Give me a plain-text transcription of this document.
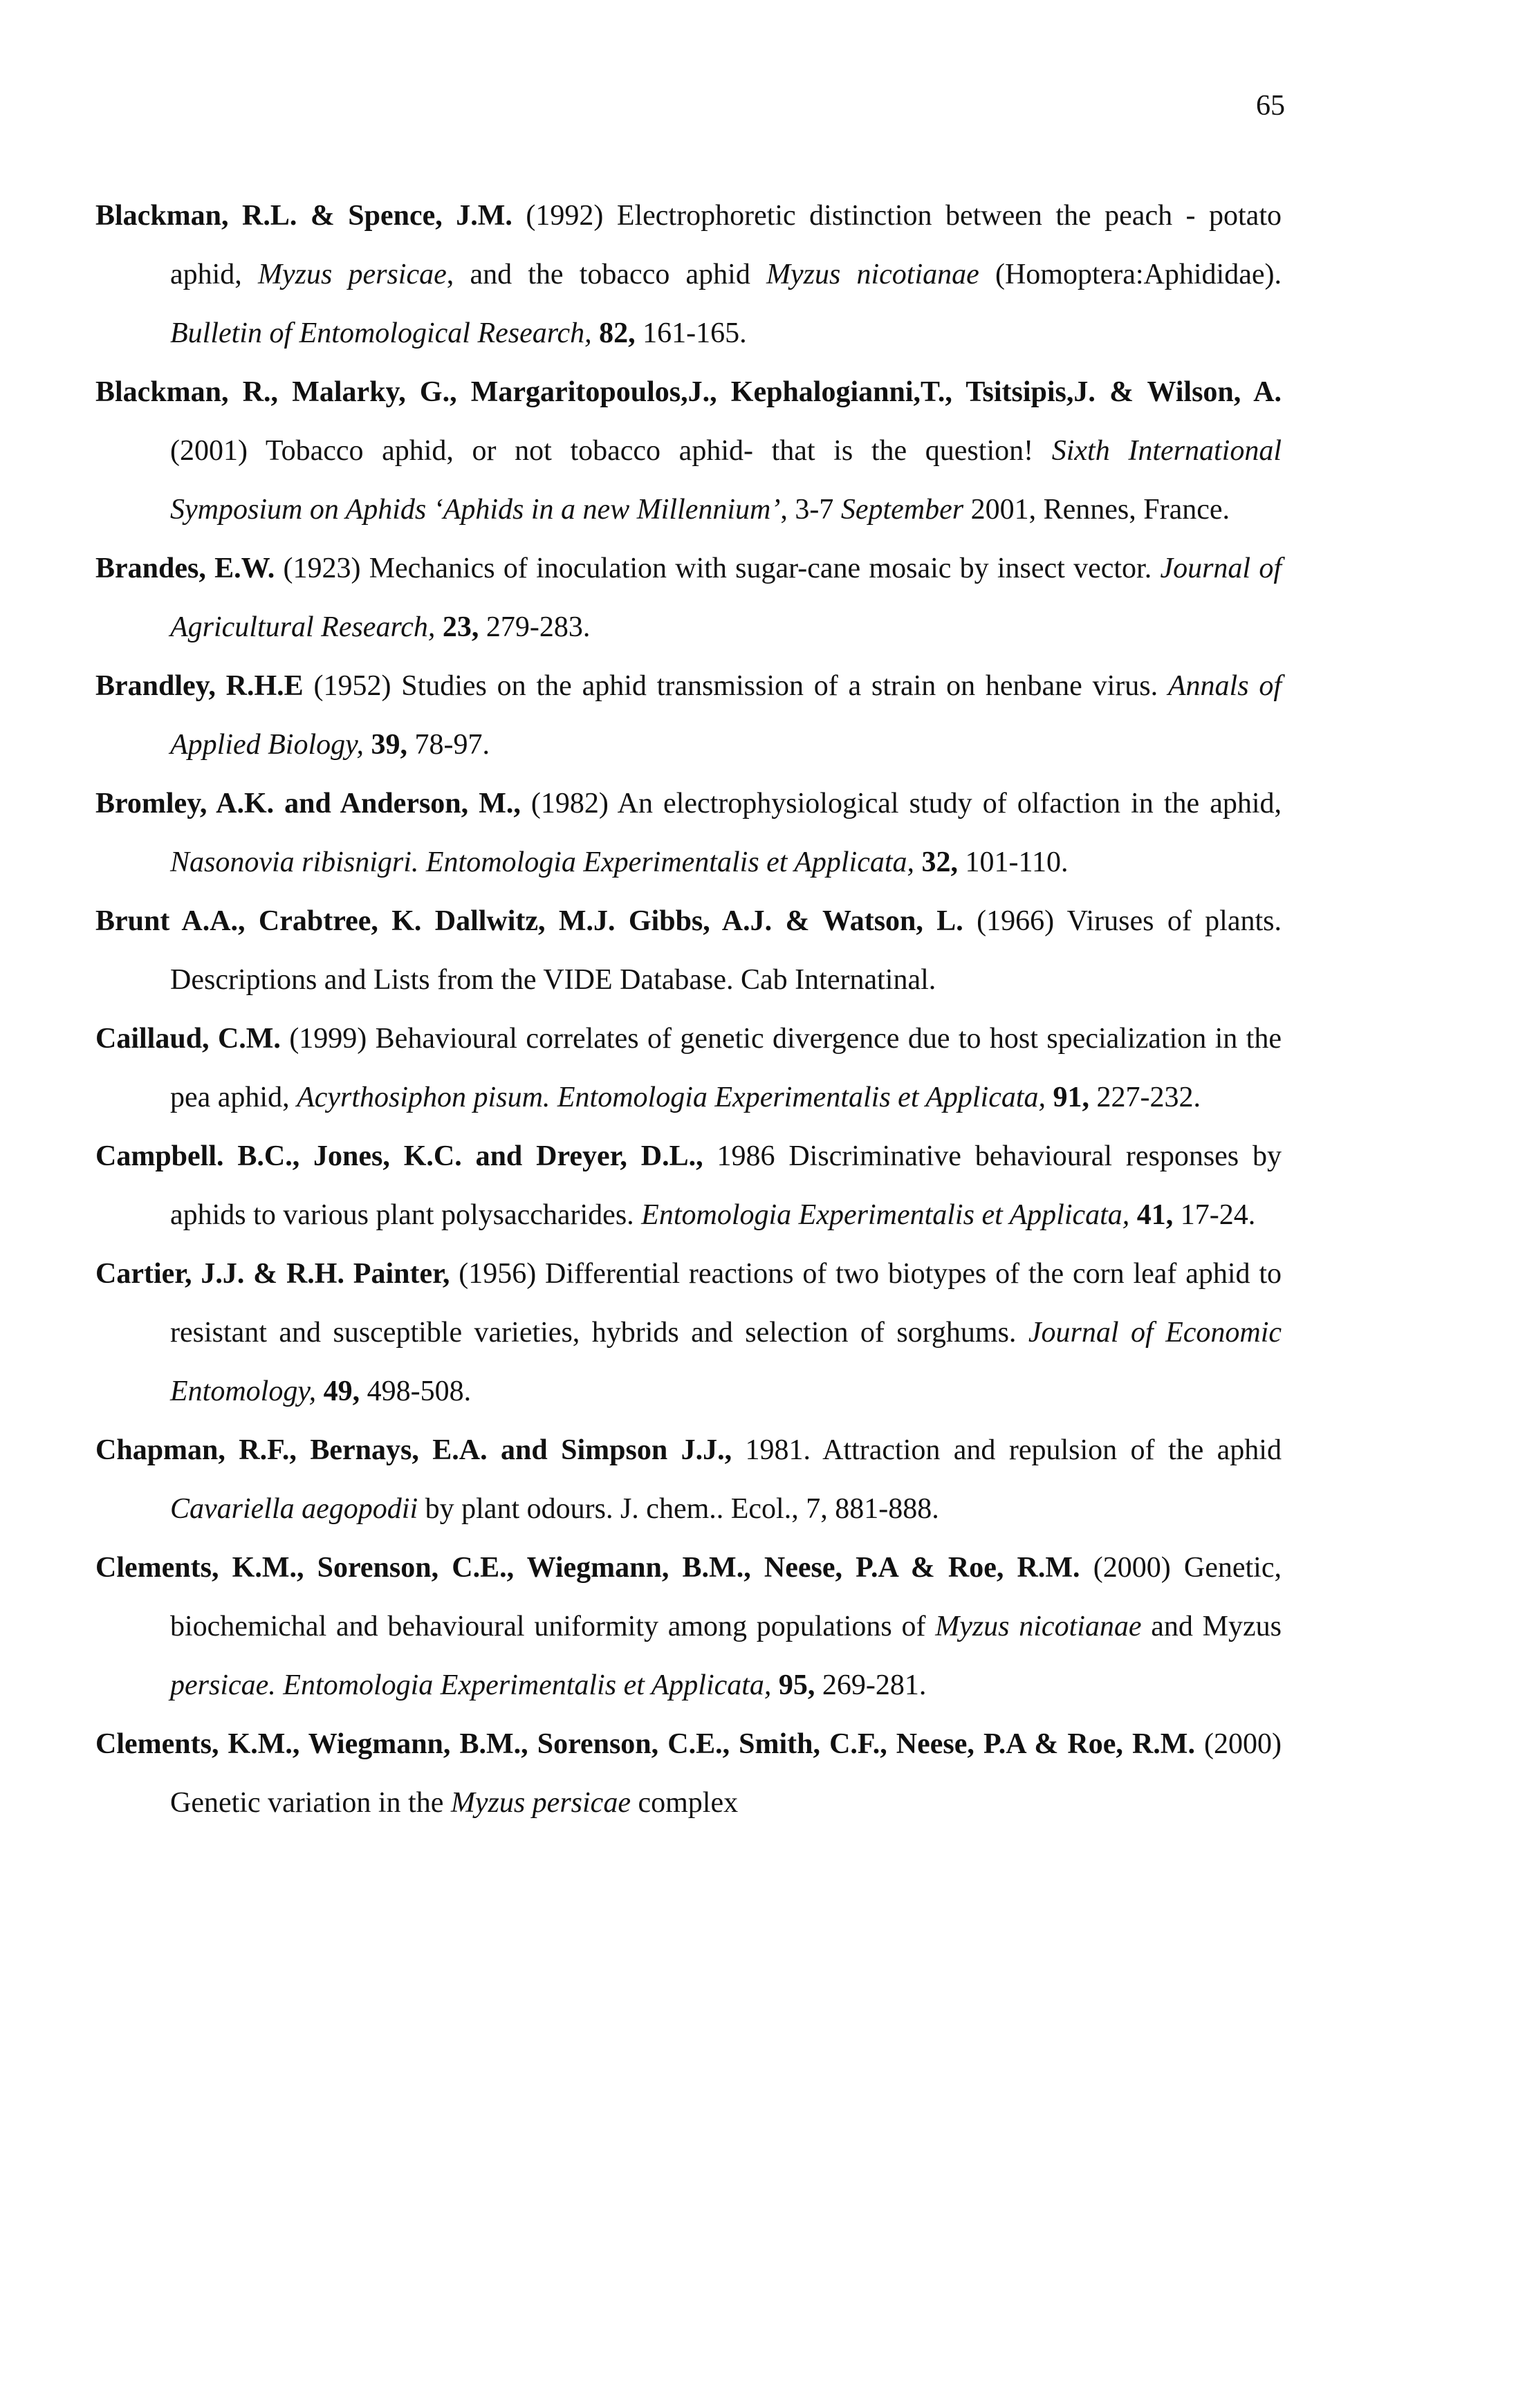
65
Blackman, R.L. & Spence, J.M. (1992) Electrophoretic distinction between the peach - potato aphid, Myzus persicae, and the tobacco aphid Myzus nicotianae (Homoptera:Aphididae). Bulletin of Entomological Research, 82, 161-165.
Blackman, R., Malarky, G., Margaritopoulos,J., Kephalogianni,T., Tsitsipis,J. & Wilson, A. (2001) Tobacco aphid, or not tobacco aphid- that is the question! Sixth International Symposium on Aphids ‘Aphids in a new Millennium’, 3-7 September 2001, Rennes, France.
Brandes, E.W. (1923) Mechanics of inoculation with sugar-cane mosaic by insect vector. Journal of Agricultural Research, 23, 279-283.
Brandley, R.H.E (1952) Studies on the aphid transmission of a strain on henbane virus. Annals of Applied Biology, 39, 78-97.
Bromley, A.K. and Anderson, M., (1982) An electrophysiological study of olfaction in the aphid, Nasonovia ribisnigri. Entomologia Experimentalis et Applicata, 32, 101-110.
Brunt A.A., Crabtree, K. Dallwitz, M.J. Gibbs, A.J. & Watson, L. (1966) Viruses of plants. Descriptions and Lists from the VIDE Database. Cab Internatinal.
Caillaud, C.M. (1999) Behavioural correlates of genetic divergence due to host specialization in the pea aphid, Acyrthosiphon pisum. Entomologia Experimentalis et Applicata, 91, 227-232.
Campbell. B.C., Jones, K.C. and Dreyer, D.L., 1986 Discriminative behavioural responses by aphids to various plant polysaccharides. Entomologia Experimentalis et Applicata, 41, 17-24.
Cartier, J.J. & R.H. Painter, (1956) Differential reactions of two biotypes of the corn leaf aphid to resistant and susceptible varieties, hybrids and selection of sorghums. Journal of Economic Entomology, 49, 498-508.
Chapman, R.F., Bernays, E.A. and Simpson J.J., 1981. Attraction and repulsion of the aphid Cavariella aegopodii by plant odours. J. chem.. Ecol., 7, 881-888.
Clements, K.M., Sorenson, C.E., Wiegmann, B.M., Neese, P.A & Roe, R.M. (2000) Genetic, biochemichal and behavioural uniformity among populations of Myzus nicotianae and Myzus persicae. Entomologia Experimentalis et Applicata, 95, 269-281.
Clements, K.M., Wiegmann, B.M., Sorenson, C.E., Smith, C.F., Neese, P.A & Roe, R.M. (2000) Genetic variation in the Myzus persicae complex
